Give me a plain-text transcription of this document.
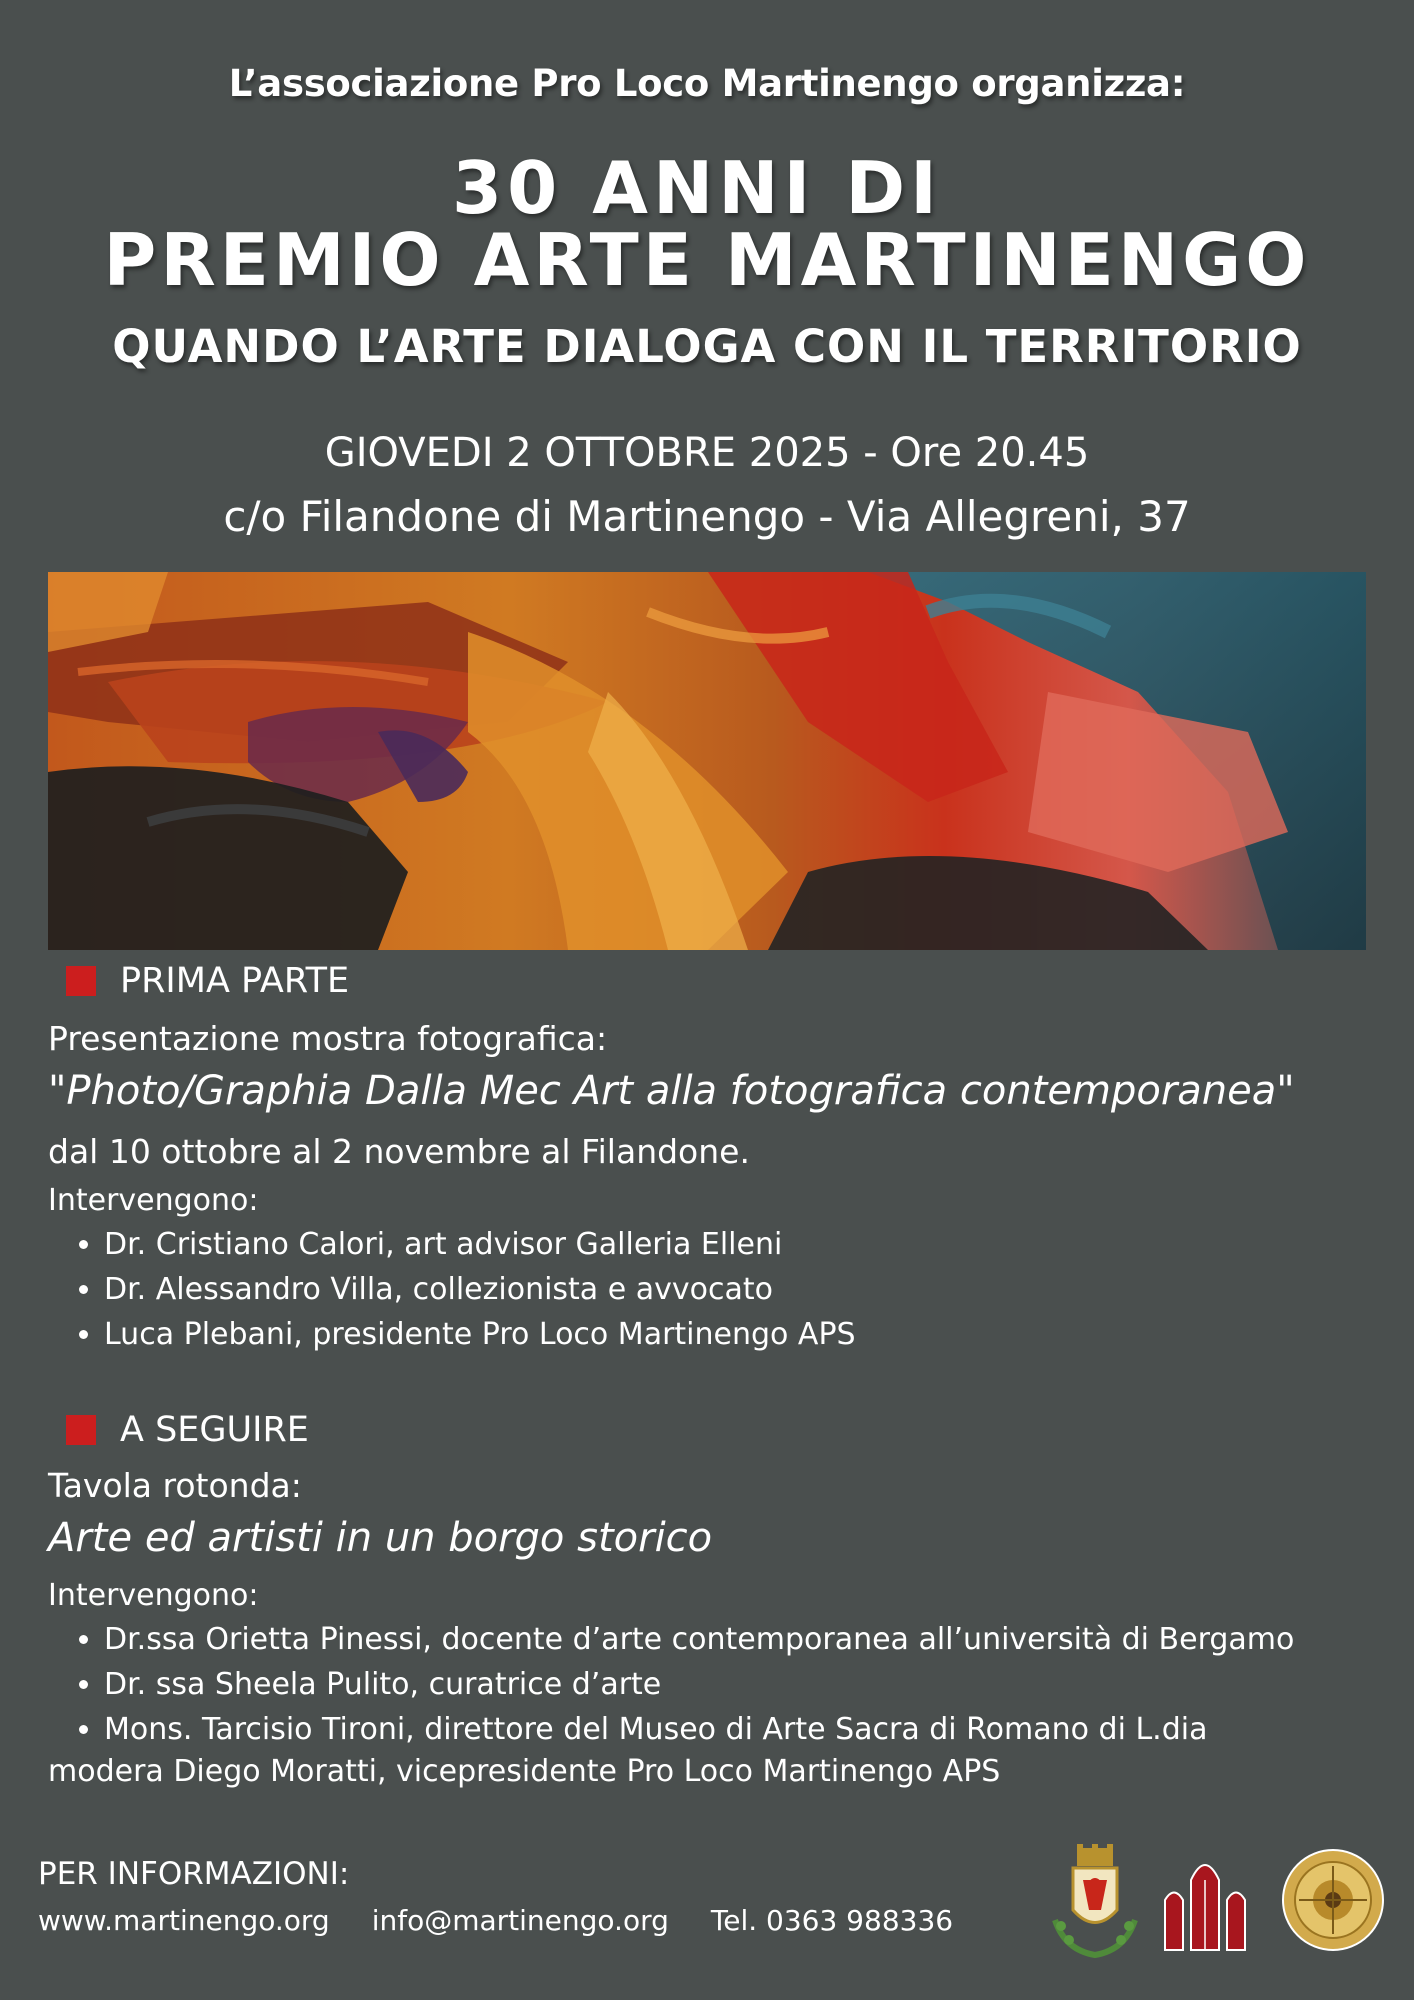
L’associazione Pro Loco Martinengo organizza:
30 ANNI DI
PREMIO ARTE MARTINENGO
QUANDO L’ARTE DIALOGA CON IL TERRITORIO
GIOVEDI 2 OTTOBRE 2025 - Ore 20.45
c/o Filandone di Martinengo - Via Allegreni, 37
PRIMA PARTE
Presentazione mostra fotografica:
"Photo/Graphia Dalla Mec Art alla fotografica contemporanea"
dal 10 ottobre al 2 novembre al Filandone.
Intervengono:
• Dr. Cristiano Calori, art advisor Galleria Elleni
• Dr. Alessandro Villa, collezionista e avvocato
• Luca Plebani, presidente Pro Loco Martinengo APS
A SEGUIRE
Tavola rotonda:
Arte ed artisti in un borgo storico
Intervengono:
• Dr.ssa Orietta Pinessi, docente d’arte contemporanea all’università di Bergamo
• Dr. ssa Sheela Pulito, curatrice d’arte
• Mons. Tarcisio Tironi, direttore del Museo di Arte Sacra di Romano di L.dia
modera Diego Moratti, vicepresidente Pro Loco Martinengo APS
PER INFORMAZIONI:
www.martinengo.org info@martinengo.org Tel. 0363 988336
